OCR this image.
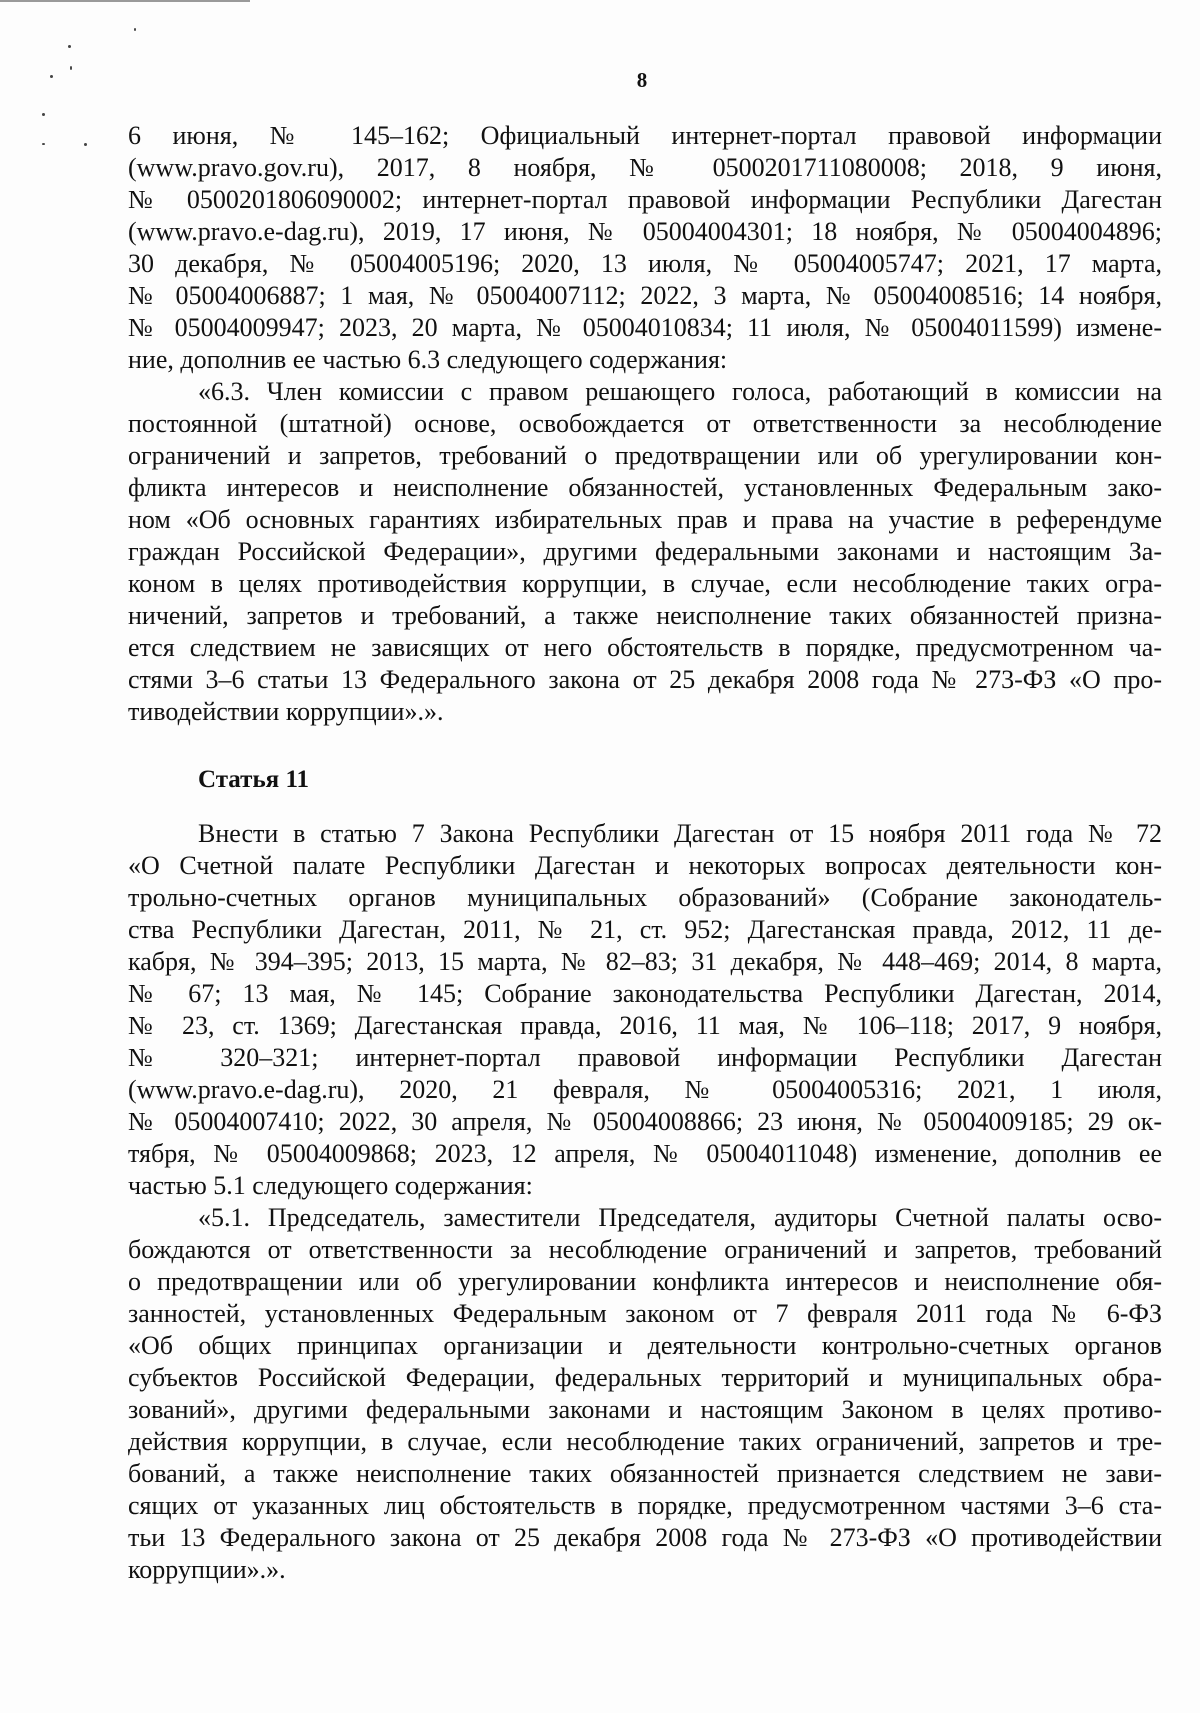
8
6 июня, № 145–162; Официальный интернет-портал правовой информации
(www.pravo.gov.ru), 2017, 8 ноября, № 0500201711080008; 2018, 9 июня,
№ 0500201806090002; интернет-портал правовой информации Республики Дагестан
(www.pravo.e-dag.ru), 2019, 17 июня, № 05004004301; 18 ноября, № 05004004896;
30 декабря, № 05004005196; 2020, 13 июля, № 05004005747; 2021, 17 марта,
№ 05004006887; 1 мая, № 05004007112; 2022, 3 марта, № 05004008516; 14 ноября,
№ 05004009947; 2023, 20 марта, № 05004010834; 11 июля, № 05004011599) измене-
ние, дополнив ее частью 6.3 следующего содержания:
«6.3. Член комиссии с правом решающего голоса, работающий в комиссии на
постоянной (штатной) основе, освобождается от ответственности за несоблюдение
ограничений и запретов, требований о предотвращении или об урегулировании кон-
фликта интересов и неисполнение обязанностей, установленных Федеральным зако-
ном «Об основных гарантиях избирательных прав и права на участие в референдуме
граждан Российской Федерации», другими федеральными законами и настоящим За-
коном в целях противодействия коррупции, в случае, если несоблюдение таких огра-
ничений, запретов и требований, а также неисполнение таких обязанностей призна-
ется следствием не зависящих от него обстоятельств в порядке, предусмотренном ча-
стями 3–6 статьи 13 Федерального закона от 25 декабря 2008 года № 273-ФЗ «О про-
тиводействии коррупции».».
Статья 11
Внести в статью 7 Закона Республики Дагестан от 15 ноября 2011 года № 72
«О Счетной палате Республики Дагестан и некоторых вопросах деятельности кон-
трольно-счетных органов муниципальных образований» (Собрание законодатель-
ства Республики Дагестан, 2011, № 21, ст. 952; Дагестанская правда, 2012, 11 де-
кабря, № 394–395; 2013, 15 марта, № 82–83; 31 декабря, № 448–469; 2014, 8 марта,
№ 67; 13 мая, № 145; Собрание законодательства Республики Дагестан, 2014,
№ 23, ст. 1369; Дагестанская правда, 2016, 11 мая, № 106–118; 2017, 9 ноября,
№ 320–321; интернет-портал правовой информации Республики Дагестан
(www.pravo.e-dag.ru), 2020, 21 февраля, № 05004005316; 2021, 1 июля,
№ 05004007410; 2022, 30 апреля, № 05004008866; 23 июня, № 05004009185; 29 ок-
тября, № 05004009868; 2023, 12 апреля, № 05004011048) изменение, дополнив ее
частью 5.1 следующего содержания:
«5.1. Председатель, заместители Председателя, аудиторы Счетной палаты осво-
бождаются от ответственности за несоблюдение ограничений и запретов, требований
о предотвращении или об урегулировании конфликта интересов и неисполнение обя-
занностей, установленных Федеральным законом от 7 февраля 2011 года № 6-ФЗ
«Об общих принципах организации и деятельности контрольно-счетных органов
субъектов Российской Федерации, федеральных территорий и муниципальных обра-
зований», другими федеральными законами и настоящим Законом в целях противо-
действия коррупции, в случае, если несоблюдение таких ограничений, запретов и тре-
бований, а также неисполнение таких обязанностей признается следствием не зави-
сящих от указанных лиц обстоятельств в порядке, предусмотренном частями 3–6 ста-
тьи 13 Федерального закона от 25 декабря 2008 года № 273-ФЗ «О противодействии
коррупции».».
